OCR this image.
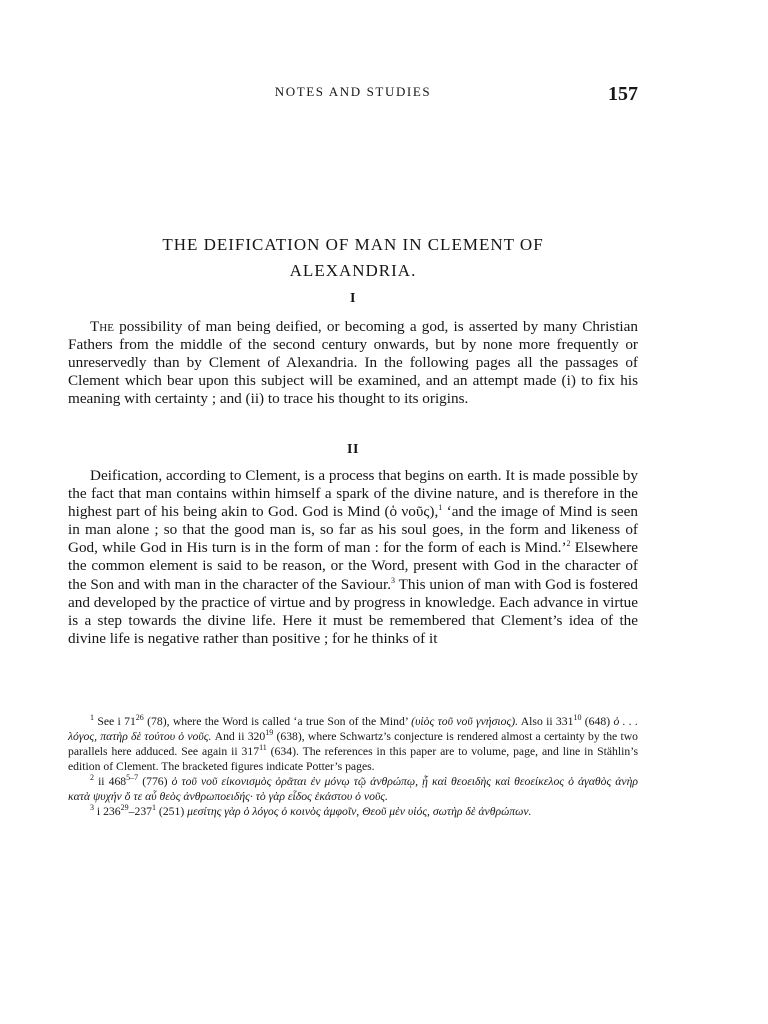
NOTES AND STUDIES	157
THE DEIFICATION OF MAN IN CLEMENT OF
ALEXANDRIA.
I

The possibility of man being deified, or becoming a god, is asserted by many Christian Fathers from the middle of the second century onwards, but by none more frequently or unreservedly than by Clement of Alexandria. In the following pages all the passages of Clement which bear upon this subject will be examined, and an attempt made (i) to fix his meaning with certainty ; and (ii) to trace his thought to its origins.

II

Deification, according to Clement, is a process that begins on earth. It is made possible by the fact that man contains within himself a spark of the divine nature, and is therefore in the highest part of his being akin to God. God is Mind (ὁ νοῦς),$^1$ ‘and the image of Mind is seen in man alone ; so that the good man is, so far as his soul goes, in the form and likeness of God, while God in His turn is in the form of man : for the form of each is Mind.’$^2$ Elsewhere the common element is said to be reason, or the Word, present with God in the character of the Son and with man in the character of the Saviour.$^3$ This union of man with God is fostered and developed by the practice of virtue and by progress in knowledge. Each advance in virtue is a step towards the divine life. Here it must be remembered that Clement’s idea of the divine life is negative rather than positive ; for he thinks of it

$^1$ See i $71^{26}$ (78), where the Word is called ‘a true Son of the Mind’ (υἱὸς τοῦ νοῦ γνήσιος). Also ii $331^{10}$ (648) ὁ . . . λόγος, πατὴρ δὲ τούτου ὁ νοῦς. And ii $320^{19}$ (638), where Schwartz’s conjecture is rendered almost a certainty by the two parallels here adduced. See again ii $317^{11}$ (634). The references in this paper are to volume, page, and line in Stählin’s edition of Clement. The bracketed figures indicate Potter’s pages.

$^2$ ii 468$^{5-7}$ (776) ὁ τοῦ νοῦ εἰκονισμὸς ὁρᾶται ἐν μόνῳ τῷ ἀνθρώπῳ, ᾗ καὶ θεοειδὴς καὶ θεοείκελος ὁ ἀγαθὸς ἀνὴρ κατὰ ψυχήν ὅ τε αὖ θεὸς ἀνθρωποειδής· τὸ γὰρ εἶδος ἑκάστου ὁ νοῦς.

$^3$ i $236^{29}-237^1$ (251) μεσίτης γὰρ ὁ λόγος ὁ κοινὸς ἀμφοῖν, Θεοῦ μὲν υἱός, σωτὴρ δὲ ἀνθρώπων.
